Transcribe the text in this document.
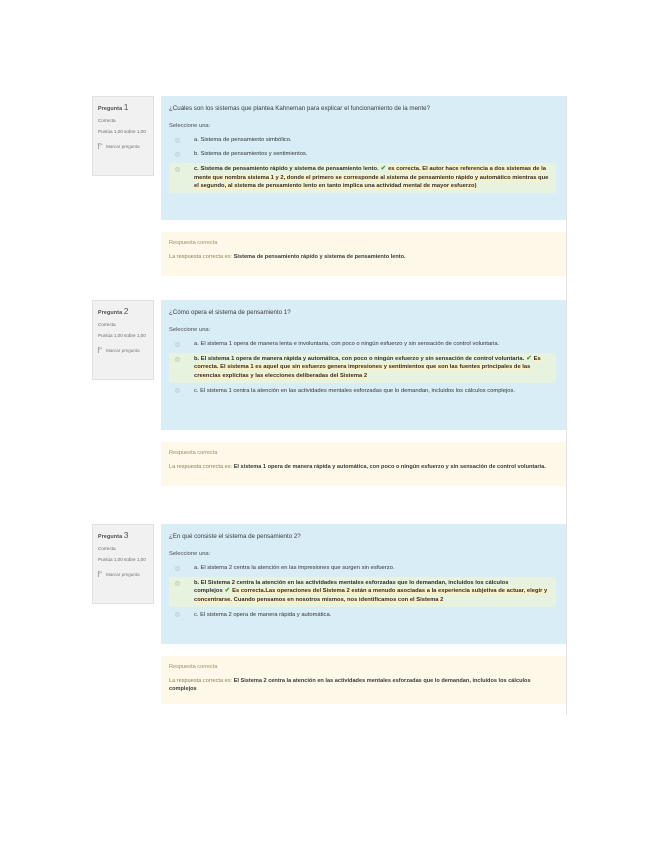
Pregunta 1
Correcta
Puntúa 1,00 sobre 1,00
Marcar pregunta

¿Cuáles son los sistemas que plantea Kahneman para explicar el funcionamiento de la mente?

Seleccione una:

a. Sistema de pensamiento simbólico.
b. Sistema de pensamientos y sentimientos.
c. Sistema de pensamiento rápido y sistema de pensamiento lento. ✔ es correcta. El autor hace referencia a dos sistemas de la mente que nombra sistema 1 y 2, donde el primero se corresponde al sistema de pensamiento rápido y automático mientras que el segundo, al sistema de pensamiento lento en tanto implica una actividad mental de mayor esfuerzo)

Respuesta correcta

La respuesta correcta es: Sistema de pensamiento rápido y sistema de pensamiento lento.

Pregunta 2
Correcta
Puntúa 1,00 sobre 1,00
Marcar pregunta

¿Cómo opera el sistema de pensamiento 1?

Seleccione una:

a. El sistema 1 opera de manera lenta e involuntaria, con poco o ningún esfuerzo y sin sensación de control voluntaria.
b. El sistema 1 opera de manera rápida y automática, con poco o ningún esfuerzo y sin sensación de control voluntaria. ✔ Es correcta. El sistema 1 es aquel que sin esfuerzo genera impresiones y sentimientos que son las fuentes principales de las creencias explícitas y las elecciones deliberadas del Sistema 2
c. El sistema 1 centra la atención en las actividades mentales esforzadas que lo demandan, incluidos los cálculos complejos.

Respuesta correcta

La respuesta correcta es: El sistema 1 opera de manera rápida y automática, con poco o ningún esfuerzo y sin sensación de control voluntaria.

Pregunta 3
Correcta
Puntúa 1,00 sobre 1,00
Marcar pregunta

¿En qué consiste el sistema de pensamiento 2?

Seleccione una:

a. El sistema 2 centra la atención en las impresiones que surgen sin esfuerzo.
b. El Sistema 2 centra la atención en las actividades mentales esforzadas que lo demandan, incluidos los cálculos complejos ✔ Es correcta.Las operaciones del Sistema 2 están a menudo asociadas a la experiencia subjetiva de actuar, elegir y concentrarse. Cuando pensamos en nosotros mismos, nos identificamos con el Sistema 2
c. El sistema 2 opera de manera rápida y automática.

Respuesta correcta

La respuesta correcta es: El Sistema 2 centra la atención en las actividades mentales esforzadas que lo demandan, incluidos los cálculos complejos
